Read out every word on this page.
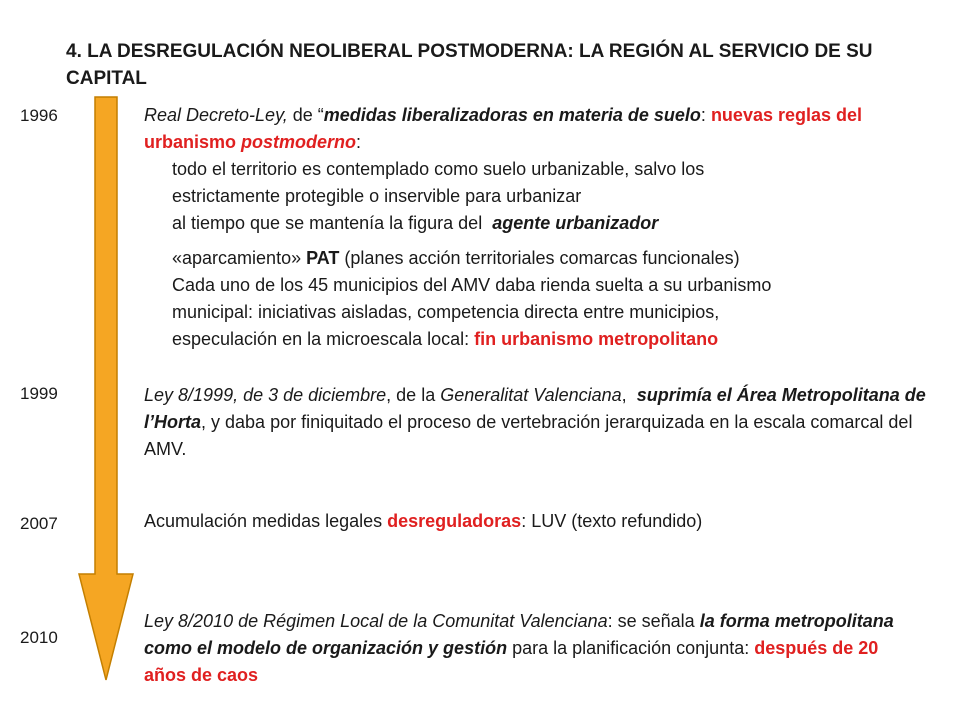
4. LA DESREGULACIÓN NEOLIBERAL POSTMODERNA: LA REGIÓN AL SERVICIO DE SU CAPITAL
1996
1999
2007
2010
Real Decreto-Ley, de “medidas liberalizadoras en materia de suelo: nuevas reglas del urbanismo postmoderno:
todo el territorio es contemplado como suelo urbanizable, salvo los
estrictamente protegible o inservible para urbanizar
al tiempo que se mantenía la figura del  agente urbanizador
«aparcamiento» PAT (planes acción territoriales comarcas funcionales)
Cada uno de los 45 municipios del AMV daba rienda suelta a su urbanismo
municipal: iniciativas aisladas, competencia directa entre municipios,
especulación en la microescala local: fin urbanismo metropolitano
Ley 8/1999, de 3 de diciembre, de la Generalitat Valenciana,  suprimía el Área Metropolitana de l’Horta, y daba por finiquitado el proceso de vertebración jerarquizada en la escala comarcal del AMV.
Acumulación medidas legales desreguladoras: LUV (texto refundido)
Ley 8/2010 de Régimen Local de la Comunitat Valenciana: se señala la forma metropolitana como el modelo de organización y gestión para la planificación conjunta: después de 20 años de caos
